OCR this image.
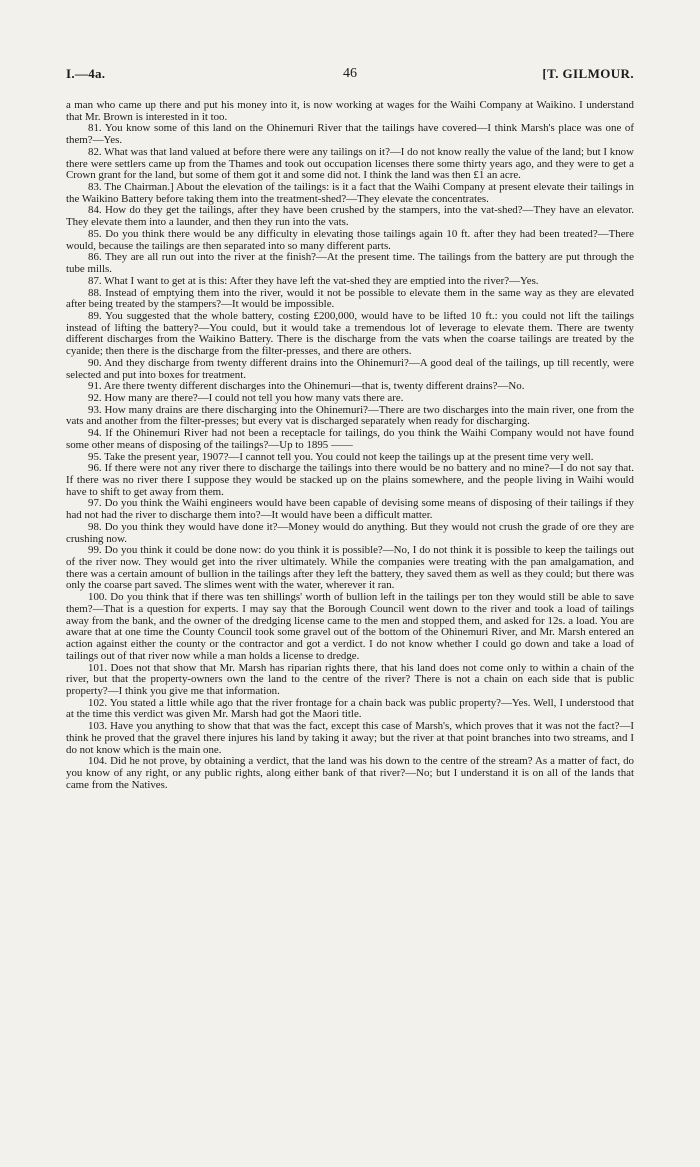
I.—4a.	46	[T. GILMOUR.

a man who came up there and put his money into it, is now working at wages for the Waihi Company at Waikino. I understand that Mr. Brown is interested in it too.

81. You know some of this land on the Ohinemuri River that the tailings have covered—I think Marsh's place was one of them?—Yes.

82. What was that land valued at before there were any tailings on it?—I do not know really the value of the land; but I know there were settlers came up from the Thames and took out occupation licenses there some thirty years ago, and they were to get a Crown grant for the land, but some of them got it and some did not. I think the land was then £1 an acre.

83. The Chairman.] About the elevation of the tailings: is it a fact that the Waihi Company at present elevate their tailings in the Waikino Battery before taking them into the treatment-shed?—They elevate the concentrates.

84. How do they get the tailings, after they have been crushed by the stampers, into the vat-shed?—They have an elevator. They elevate them into a launder, and then they run into the vats.

85. Do you think there would be any difficulty in elevating those tailings again 10 ft. after they had been treated?—There would, because the tailings are then separated into so many different parts.

86. They are all run out into the river at the finish?—At the present time. The tailings from the battery are put through the tube mills.

87. What I want to get at is this: After they have left the vat-shed they are emptied into the river?—Yes.

88. Instead of emptying them into the river, would it not be possible to elevate them in the same way as they are elevated after being treated by the stampers?—It would be impossible.

89. You suggested that the whole battery, costing £200,000, would have to be lifted 10 ft.: you could not lift the tailings instead of lifting the battery?—You could, but it would take a tremendous lot of leverage to elevate them. There are twenty different discharges from the Waikino Battery. There is the discharge from the vats when the coarse tailings are treated by the cyanide; then there is the discharge from the filter-presses, and there are others.

90. And they discharge from twenty different drains into the Ohinemuri?—A good deal of the tailings, up till recently, were selected and put into boxes for treatment.

91. Are there twenty different discharges into the Ohinemuri—that is, twenty different drains?—No.

92. How many are there?—I could not tell you how many vats there are.

93. How many drains are there discharging into the Ohinemuri?—There are two discharges into the main river, one from the vats and another from the filter-presses; but every vat is discharged separately when ready for discharging.

94. If the Ohinemuri River had not been a receptacle for tailings, do you think the Waihi Company would not have found some other means of disposing of the tailings?—Up to 1895 ——

95. Take the present year, 1907?—I cannot tell you. You could not keep the tailings up at the present time very well.

96. If there were not any river there to discharge the tailings into there would be no battery and no mine?—I do not say that. If there was no river there I suppose they would be stacked up on the plains somewhere, and the people living in Waihi would have to shift to get away from them.

97. Do you think the Waihi engineers would have been capable of devising some means of disposing of their tailings if they had not had the river to discharge them into?—It would have been a difficult matter.

98. Do you think they would have done it?—Money would do anything. But they would not crush the grade of ore they are crushing now.

99. Do you think it could be done now: do you think it is possible?—No, I do not think it is possible to keep the tailings out of the river now. They would get into the river ultimately. While the companies were treating with the pan amalgamation, and there was a certain amount of bullion in the tailings after they left the battery, they saved them as well as they could; but there was only the coarse part saved. The slimes went with the water, wherever it ran.

100. Do you think that if there was ten shillings' worth of bullion left in the tailings per ton they would still be able to save them?—That is a question for experts. I may say that the Borough Council went down to the river and took a load of tailings away from the bank, and the owner of the dredging license came to the men and stopped them, and asked for 12s. a load. You are aware that at one time the County Council took some gravel out of the bottom of the Ohinemuri River, and Mr. Marsh entered an action against either the county or the contractor and got a verdict. I do not know whether I could go down and take a load of tailings out of that river now while a man holds a license to dredge.

101. Does not that show that Mr. Marsh has riparian rights there, that his land does not come only to within a chain of the river, but that the property-owners own the land to the centre of the river? There is not a chain on each side that is public property?—I think you give me that information.

102. You stated a little while ago that the river frontage for a chain back was public property?—Yes. Well, I understood that at the time this verdict was given Mr. Marsh had got the Maori title.

103. Have you anything to show that that was the fact, except this case of Marsh's, which proves that it was not the fact?—I think he proved that the gravel there injures his land by taking it away; but the river at that point branches into two streams, and I do not know which is the main one.

104. Did he not prove, by obtaining a verdict, that the land was his down to the centre of the stream? As a matter of fact, do you know of any right, or any public rights, along either bank of that river?—No; but I understand it is on all of the lands that came from the Natives.
